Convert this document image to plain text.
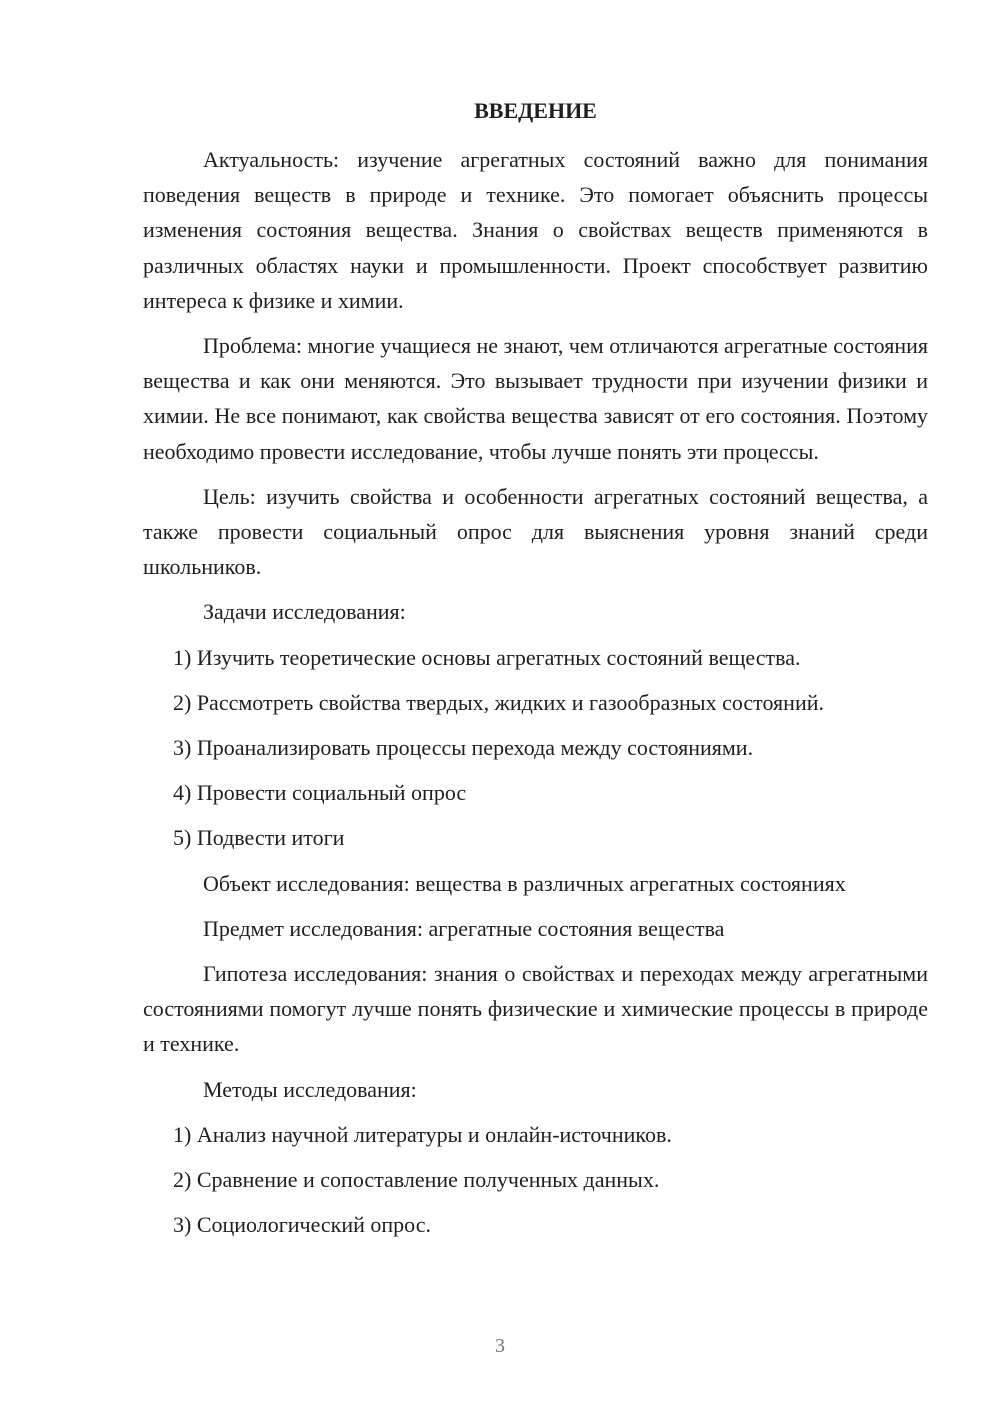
ВВЕДЕНИЕ

Актуальность: изучение агрегатных состояний важно для понимания поведения веществ в природе и технике. Это помогает объяснить процессы изменения состояния вещества. Знания о свойствах веществ применяются в различных областях науки и промышленности. Проект способствует развитию интереса к физике и химии.

Проблема: многие учащиеся не знают, чем отличаются агрегатные состояния вещества и как они меняются. Это вызывает трудности при изучении физики и химии. Не все понимают, как свойства вещества зависят от его состояния. Поэтому необходимо провести исследование, чтобы лучше понять эти процессы.

Цель: изучить свойства и особенности агрегатных состояний вещества, а также провести социальный опрос для выяснения уровня знаний среди школьников.

Задачи исследования:

1) Изучить теоретические основы агрегатных состояний вещества.
2) Рассмотреть свойства твердых, жидких и газообразных состояний.
3) Проанализировать процессы перехода между состояниями.
4) Провести социальный опрос
5) Подвести итоги

Объект исследования: вещества в различных агрегатных состояниях

Предмет исследования: агрегатные состояния вещества

Гипотеза исследования: знания о свойствах и переходах между агрегатными состояниями помогут лучше понять физические и химические процессы в природе и технике.

Методы исследования:

1) Анализ научной литературы и онлайн-источников.
2) Сравнение и сопоставление полученных данных.
3) Социологический опрос.
3
